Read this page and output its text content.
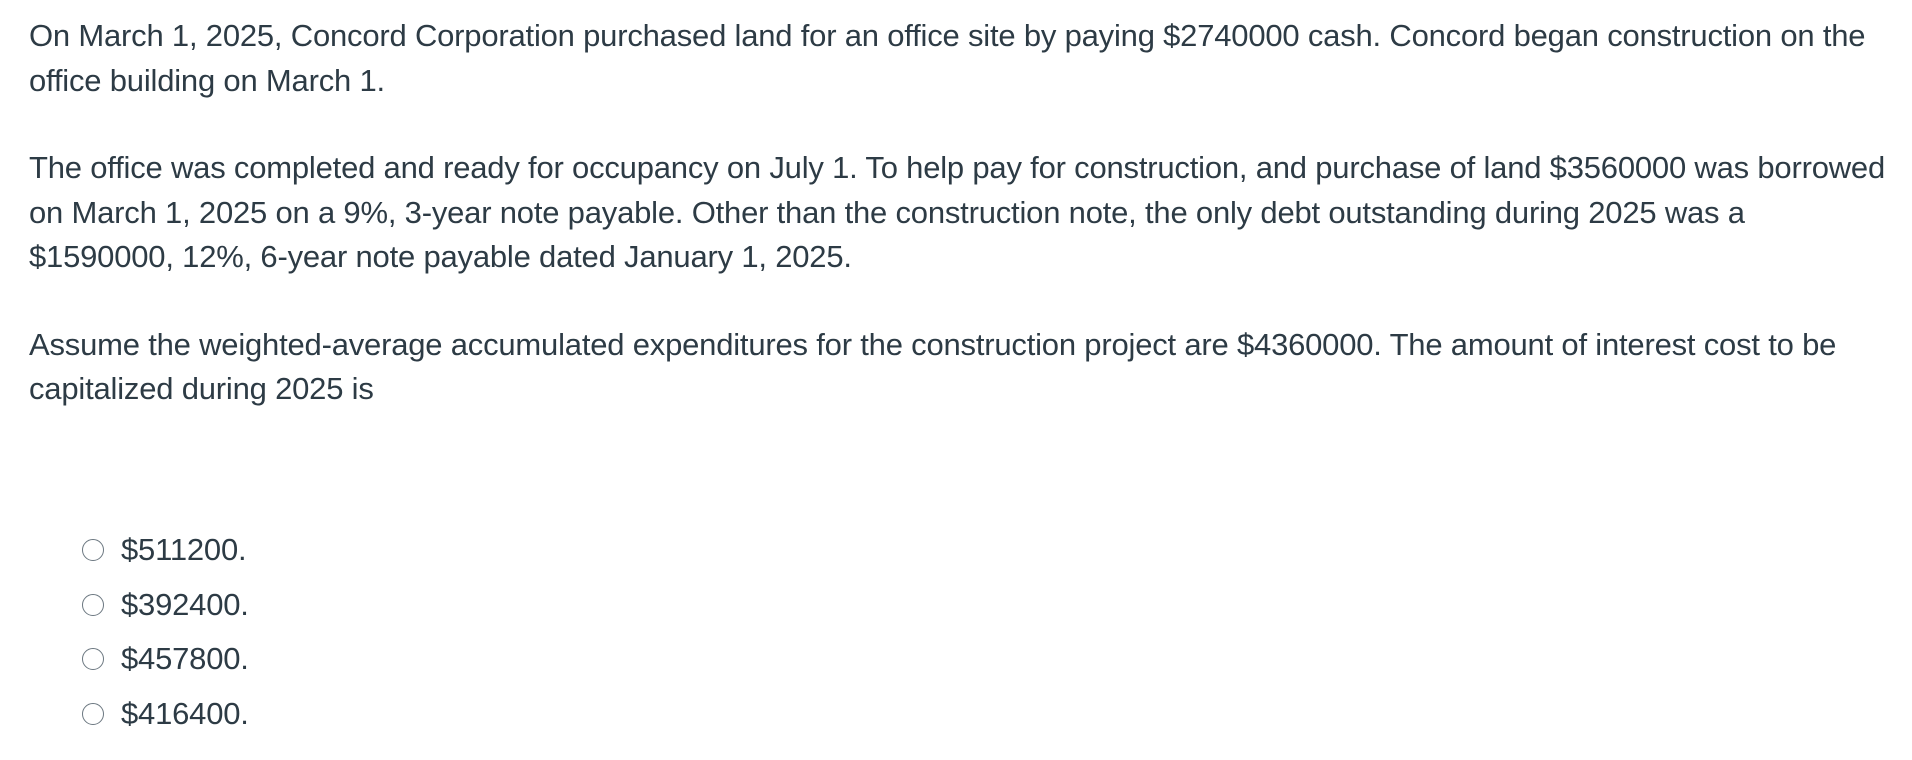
On March 1, 2025, Concord Corporation purchased land for an office site by paying $2740000 cash. Concord began construction on the office building on March 1.

The office was completed and ready for occupancy on July 1. To help pay for construction, and purchase of land $3560000 was borrowed on March 1, 2025 on a 9%, 3-year note payable. Other than the construction note, the only debt outstanding during 2025 was a $1590000, 12%, 6-year note payable dated January 1, 2025.

Assume the weighted-average accumulated expenditures for the construction project are $4360000. The amount of interest cost to be capitalized during 2025 is

$511200.
$392400.
$457800.
$416400.
